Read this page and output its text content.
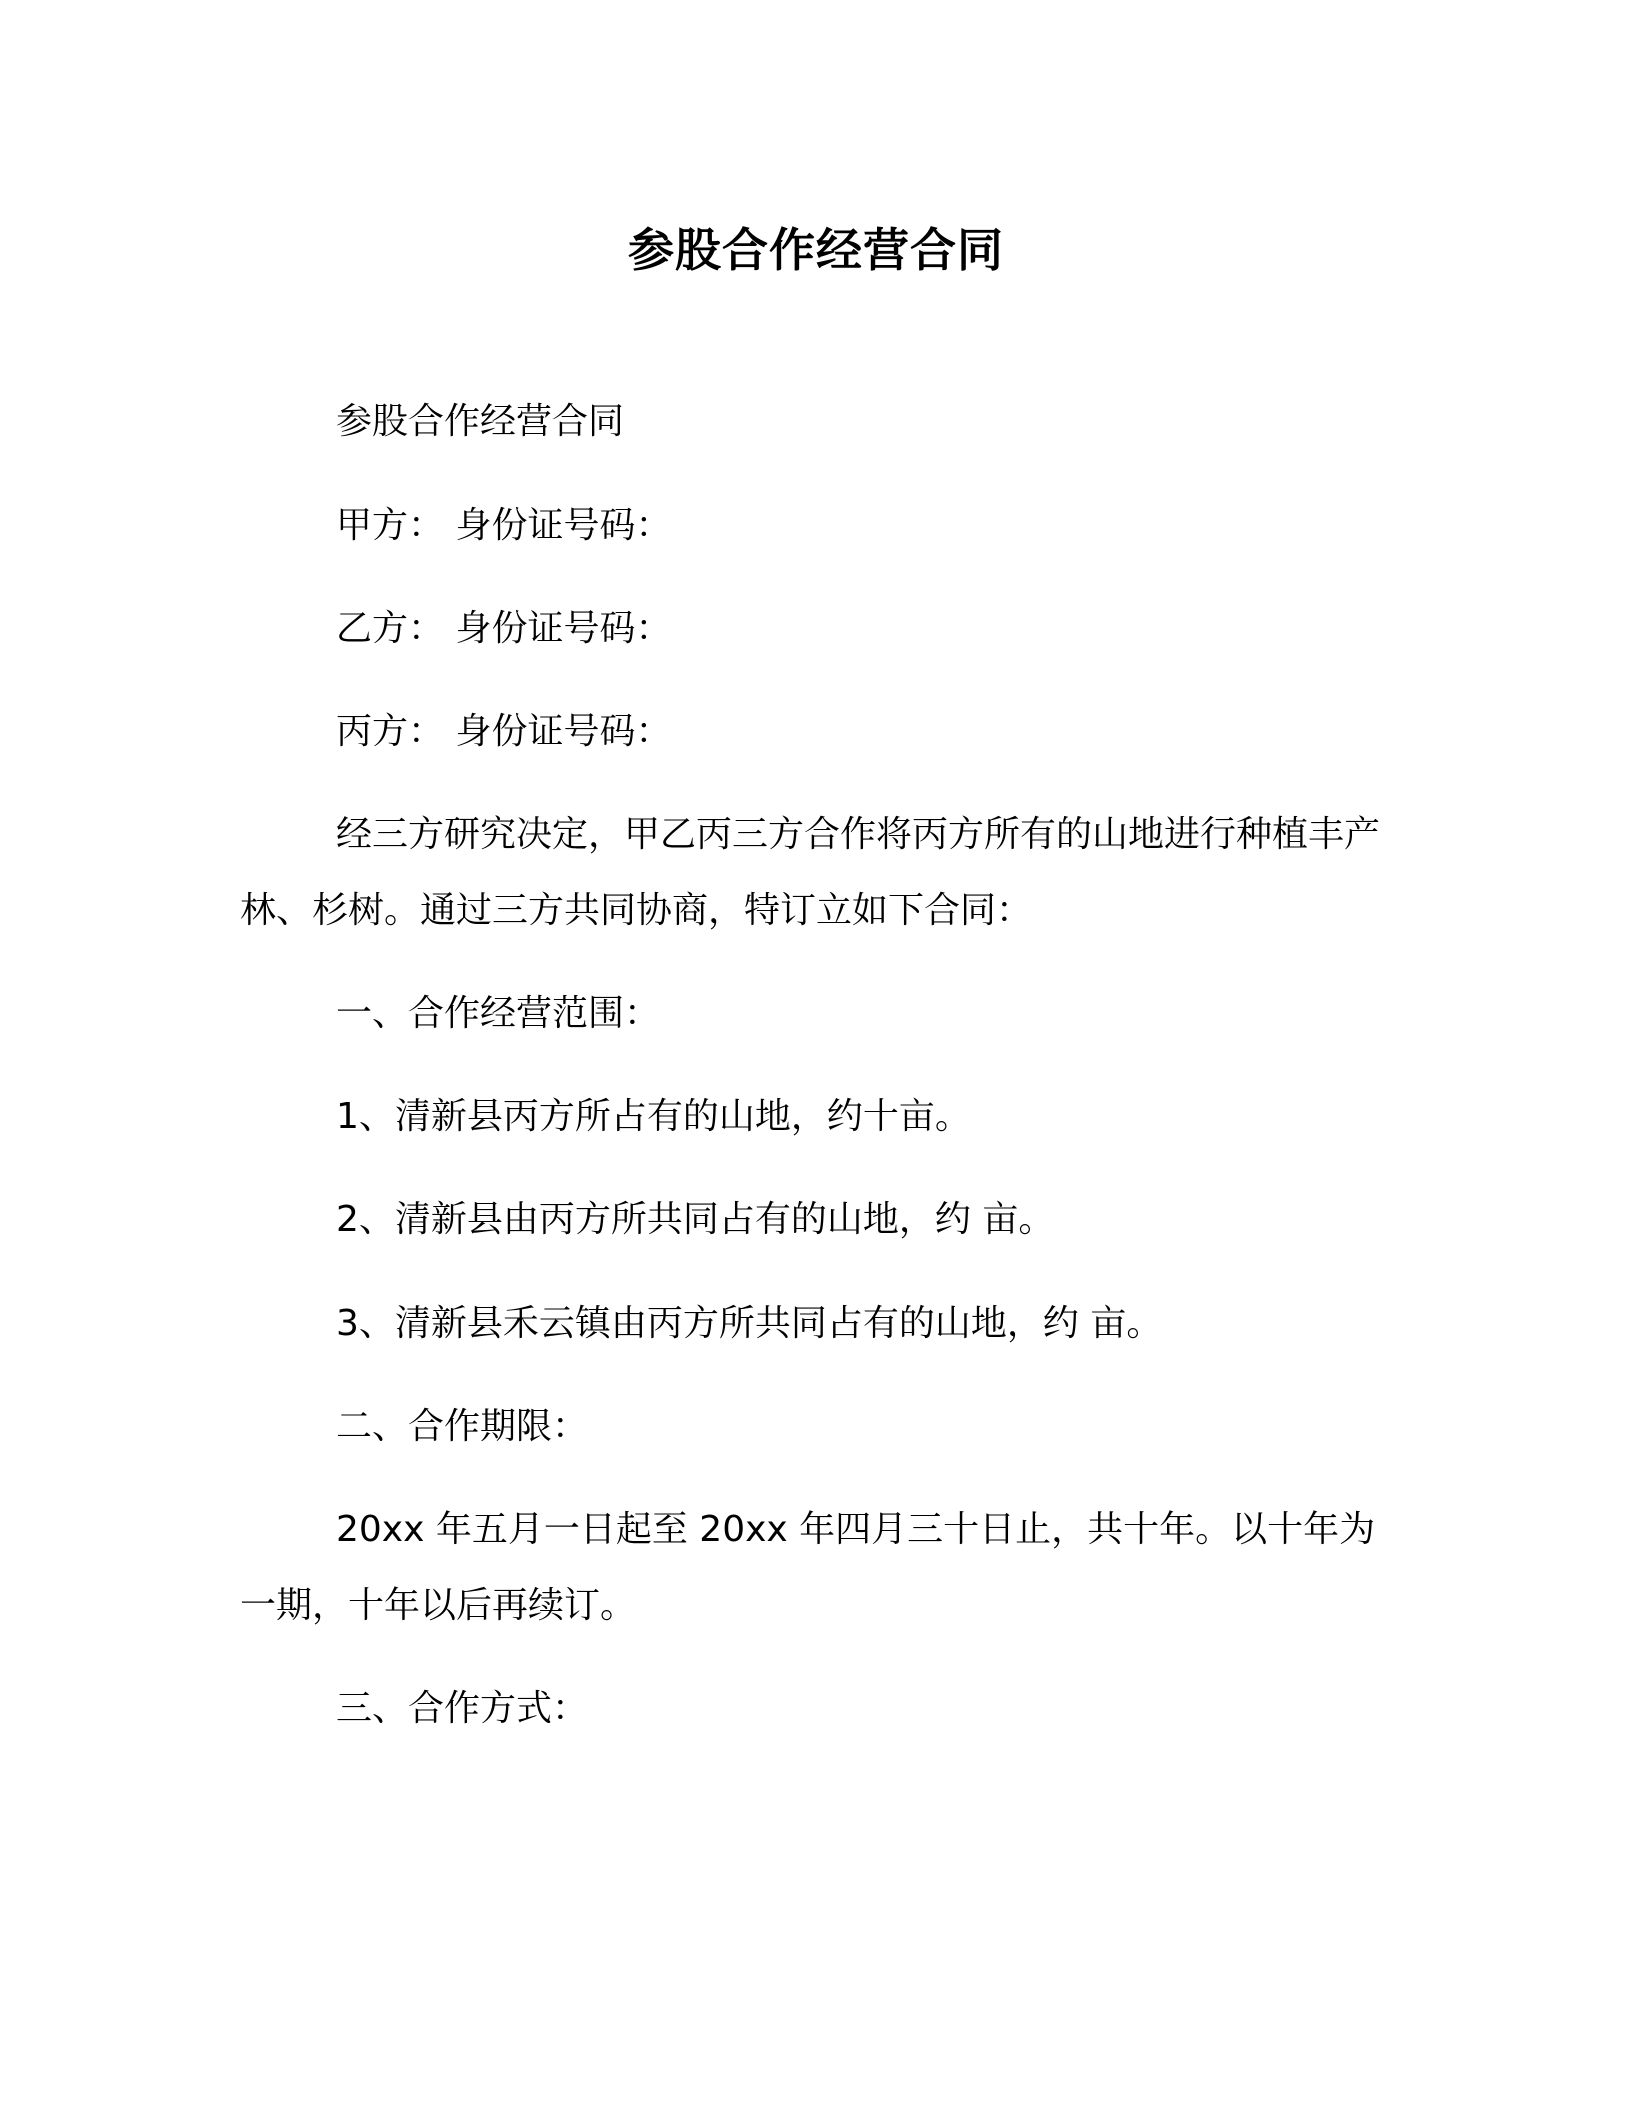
参股合作经营合同
参股合作经营合同
甲方： 身份证号码：
乙方： 身份证号码：
丙方： 身份证号码：
经三方研究决定，甲乙丙三方合作将丙方所有的山地进行种植丰产林、杉树。通过三方共同协商，特订立如下合同：
一、合作经营范围：
1、清新县丙方所占有的山地，约十亩。
2、清新县由丙方所共同占有的山地，约 亩。
3、清新县禾云镇由丙方所共同占有的山地，约 亩。
二、合作期限：
20xx 年五月一日起至 20xx 年四月三十日止，共十年。以十年为一期，十年以后再续订。
三、合作方式：
